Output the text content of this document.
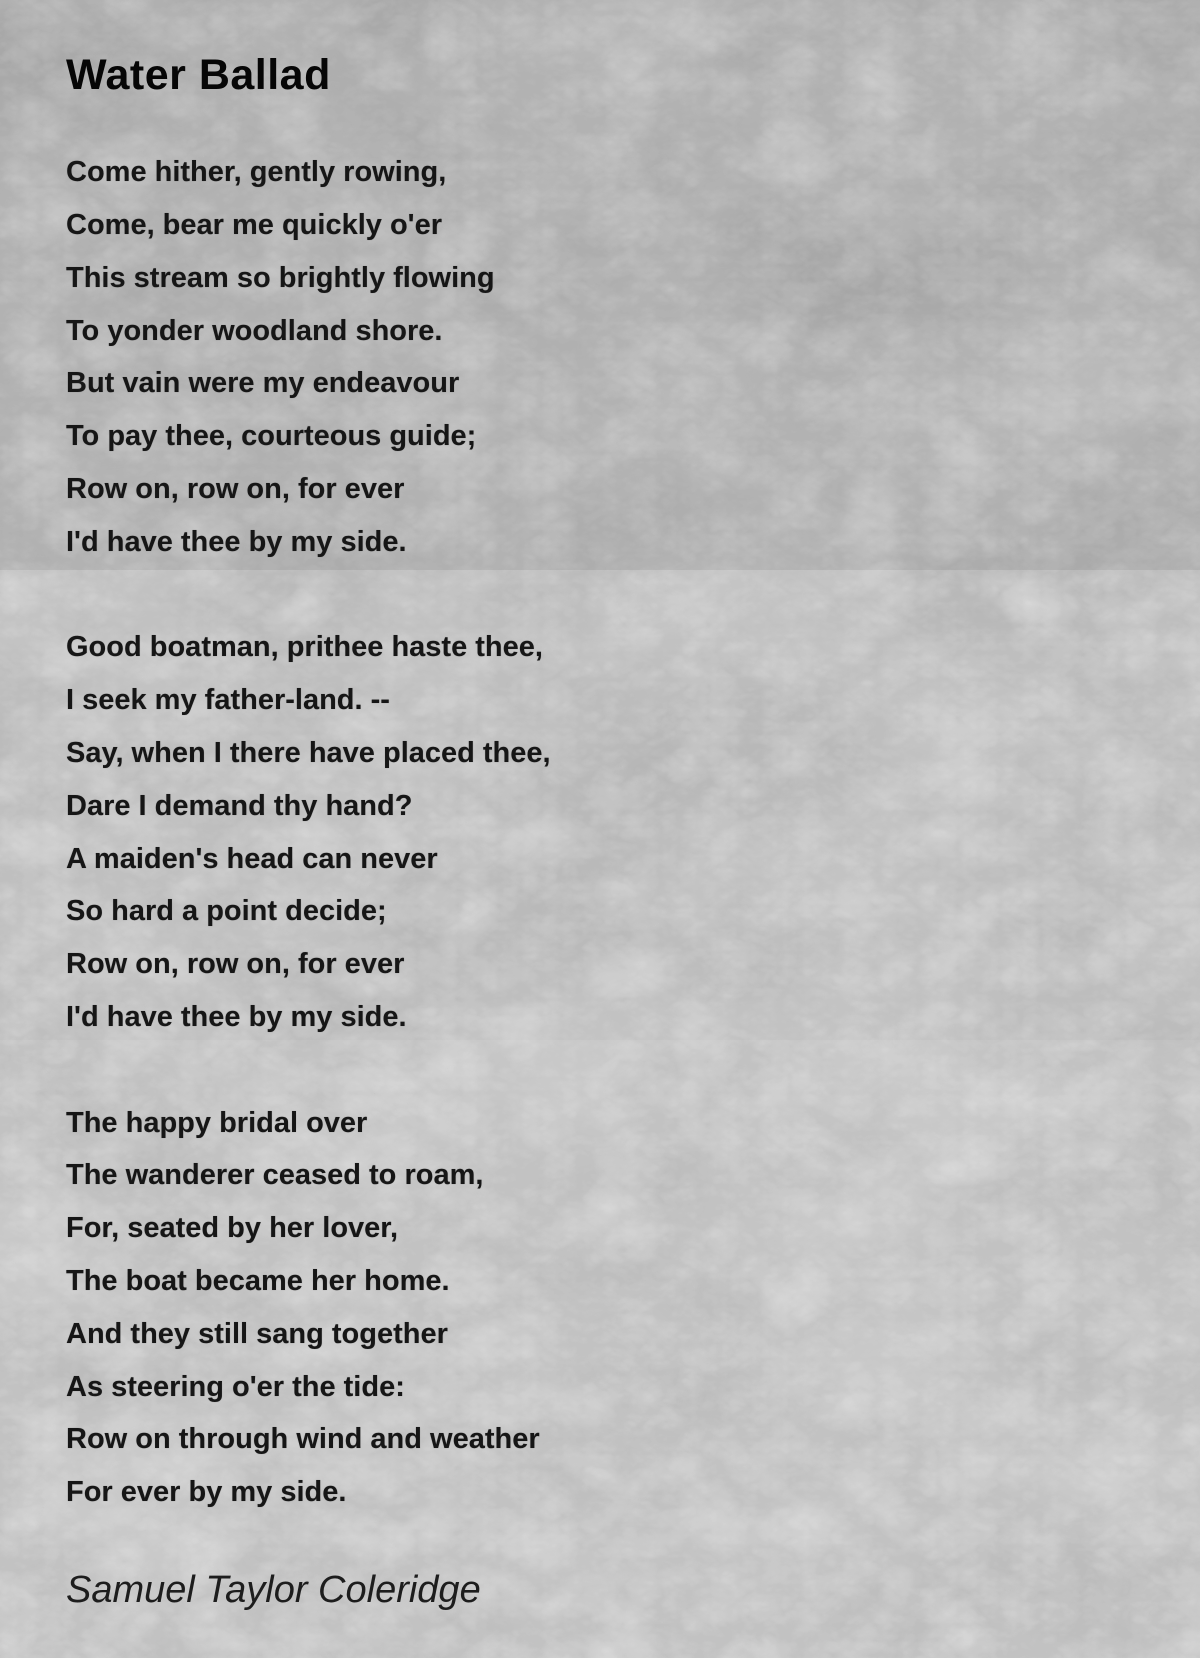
Water Ballad
Come hither, gently rowing,
Come, bear me quickly o'er
This stream so brightly flowing
To yonder woodland shore.
But vain were my endeavour
To pay thee, courteous guide;
Row on, row on, for ever
I'd have thee by my side.
Good boatman, prithee haste thee,
I seek my father-land. --
Say, when I there have placed thee,
Dare I demand thy hand?
A maiden's head can never
So hard a point decide;
Row on, row on, for ever
I'd have thee by my side.
The happy bridal over
The wanderer ceased to roam,
For, seated by her lover,
The boat became her home.
And they still sang together
As steering o'er the tide:
Row on through wind and weather
For ever by my side.
Samuel Taylor Coleridge
